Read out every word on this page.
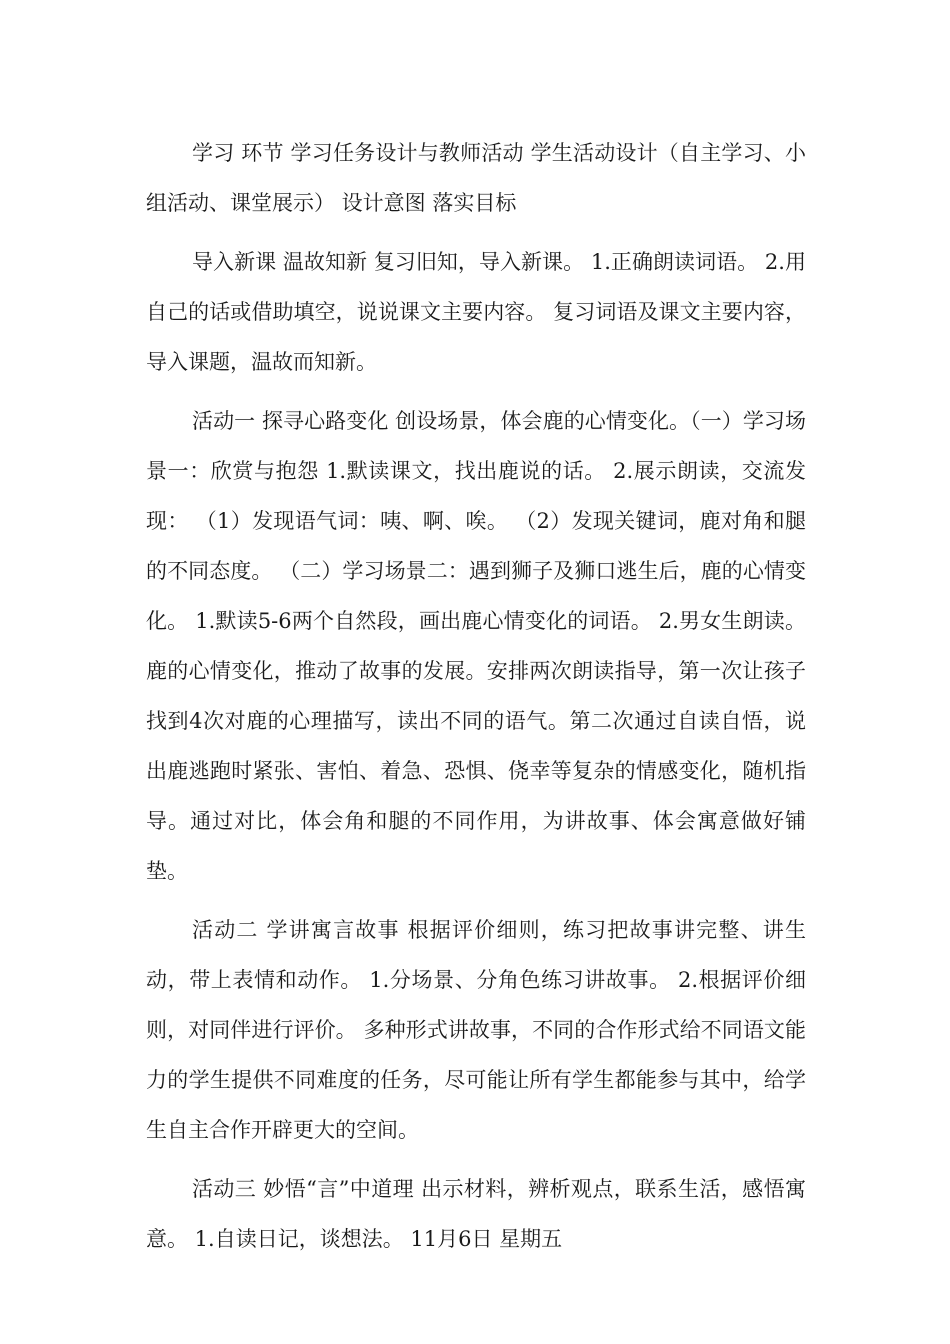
学习 环节 学习任务设计与教师活动 学生活动设计（自主学习、小组活动、课堂展示） 设计意图 落实目标

导入新课 温故知新 复习旧知，导入新课。 1.正确朗读词语。 2.用自己的话或借助填空，说说课文主要内容。 复习词语及课文主要内容，导入课题，温故而知新。

活动一 探寻心路变化 创设场景，体会鹿的心情变化。（一）学习场景一：欣赏与抱怨 1.默读课文，找出鹿说的话。 2.展示朗读，交流发现： （1）发现语气词：咦、啊、唉。 （2）发现关键词，鹿对角和腿的不同态度。 （二）学习场景二：遇到狮子及狮口逃生后，鹿的心情变化。 1.默读5-6两个自然段，画出鹿心情变化的词语。 2.男女生朗读。 鹿的心情变化，推动了故事的发展。安排两次朗读指导，第一次让孩子找到4次对鹿的心理描写，读出不同的语气。第二次通过自读自悟，说出鹿逃跑时紧张、害怕、着急、恐惧、侥幸等复杂的情感变化，随机指导。通过对比，体会角和腿的不同作用，为讲故事、体会寓意做好铺垫。

活动二 学讲寓言故事 根据评价细则，练习把故事讲完整、讲生动，带上表情和动作。 1.分场景、分角色练习讲故事。 2.根据评价细则，对同伴进行评价。 多种形式讲故事，不同的合作形式给不同语文能力的学生提供不同难度的任务，尽可能让所有学生都能参与其中，给学生自主合作开辟更大的空间。

活动三 妙悟“言”中道理 出示材料，辨析观点，联系生活，感悟寓意。 1.自读日记，谈想法。 11月6日 星期五
